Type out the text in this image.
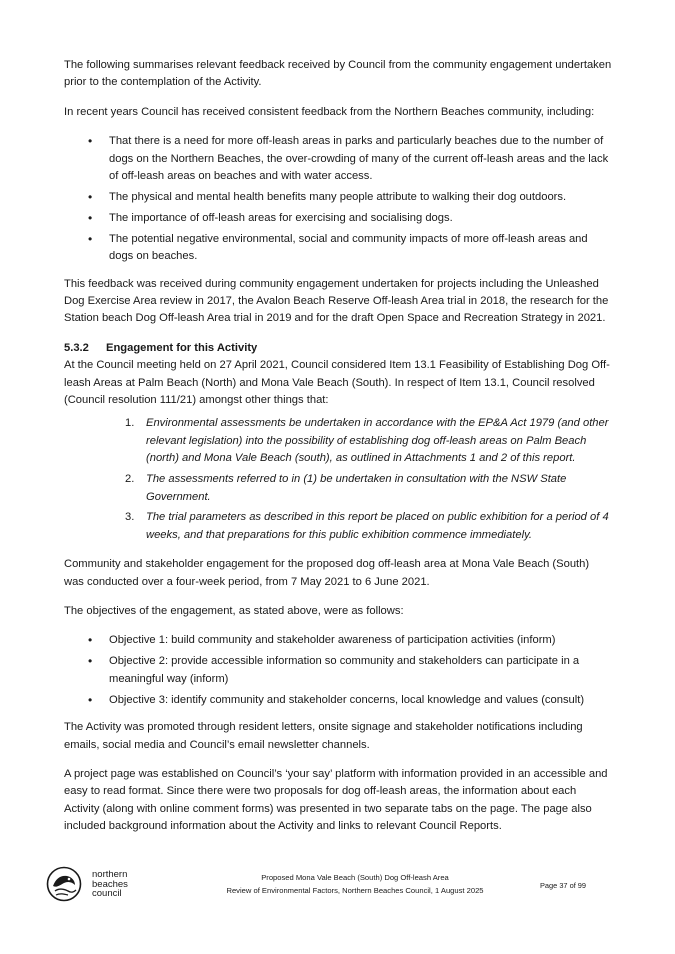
The following summarises relevant feedback received by Council from the community engagement undertaken prior to the contemplation of the Activity.

In recent years Council has received consistent feedback from the Northern Beaches community, including:

• That there is a need for more off-leash areas in parks and particularly beaches due to the number of dogs on the Northern Beaches, the over-crowding of many of the current off-leash areas and the lack of off-leash areas on beaches and with water access.
• The physical and mental health benefits many people attribute to walking their dog outdoors.
• The importance of off-leash areas for exercising and socialising dogs.
• The potential negative environmental, social and community impacts of more off-leash areas and dogs on beaches.

This feedback was received during community engagement undertaken for projects including the Unleashed Dog Exercise Area review in 2017, the Avalon Beach Reserve Off-leash Area trial in 2018, the research for the Station beach Dog Off-leash Area trial in 2019 and for the draft Open Space and Recreation Strategy in 2021.

5.3.2 Engagement for this Activity

At the Council meeting held on 27 April 2021, Council considered Item 13.1 Feasibility of Establishing Dog Off-leash Areas at Palm Beach (North) and Mona Vale Beach (South). In respect of Item 13.1, Council resolved (Council resolution 111/21) amongst other things that:

1. Environmental assessments be undertaken in accordance with the EP&A Act 1979 (and other relevant legislation) into the possibility of establishing dog off-leash areas on Palm Beach (north) and Mona Vale Beach (south), as outlined in Attachments 1 and 2 of this report.
2. The assessments referred to in (1) be undertaken in consultation with the NSW State Government.
3. The trial parameters as described in this report be placed on public exhibition for a period of 4 weeks, and that preparations for this public exhibition commence immediately.

Community and stakeholder engagement for the proposed dog off-leash area at Mona Vale Beach (South) was conducted over a four-week period, from 7 May 2021 to 6 June 2021.

The objectives of the engagement, as stated above, were as follows:

• Objective 1: build community and stakeholder awareness of participation activities (inform)
• Objective 2: provide accessible information so community and stakeholders can participate in a meaningful way (inform)
• Objective 3: identify community and stakeholder concerns, local knowledge and values (consult)

The Activity was promoted through resident letters, onsite signage and stakeholder notifications including emails, social media and Council’s email newsletter channels.

A project page was established on Council’s ‘your say’ platform with information provided in an accessible and easy to read format. Since there were two proposals for dog off-leash areas, the information about each Activity (along with online comment forms) was presented in two separate tabs on the page. The page also included background information about the Activity and links to relevant Council Reports.

northern
beaches
council
Proposed Mona Vale Beach (South) Dog Off-leash Area
Review of Environmental Factors, Northern Beaches Council, 1 August 2025
Page 37 of 99
